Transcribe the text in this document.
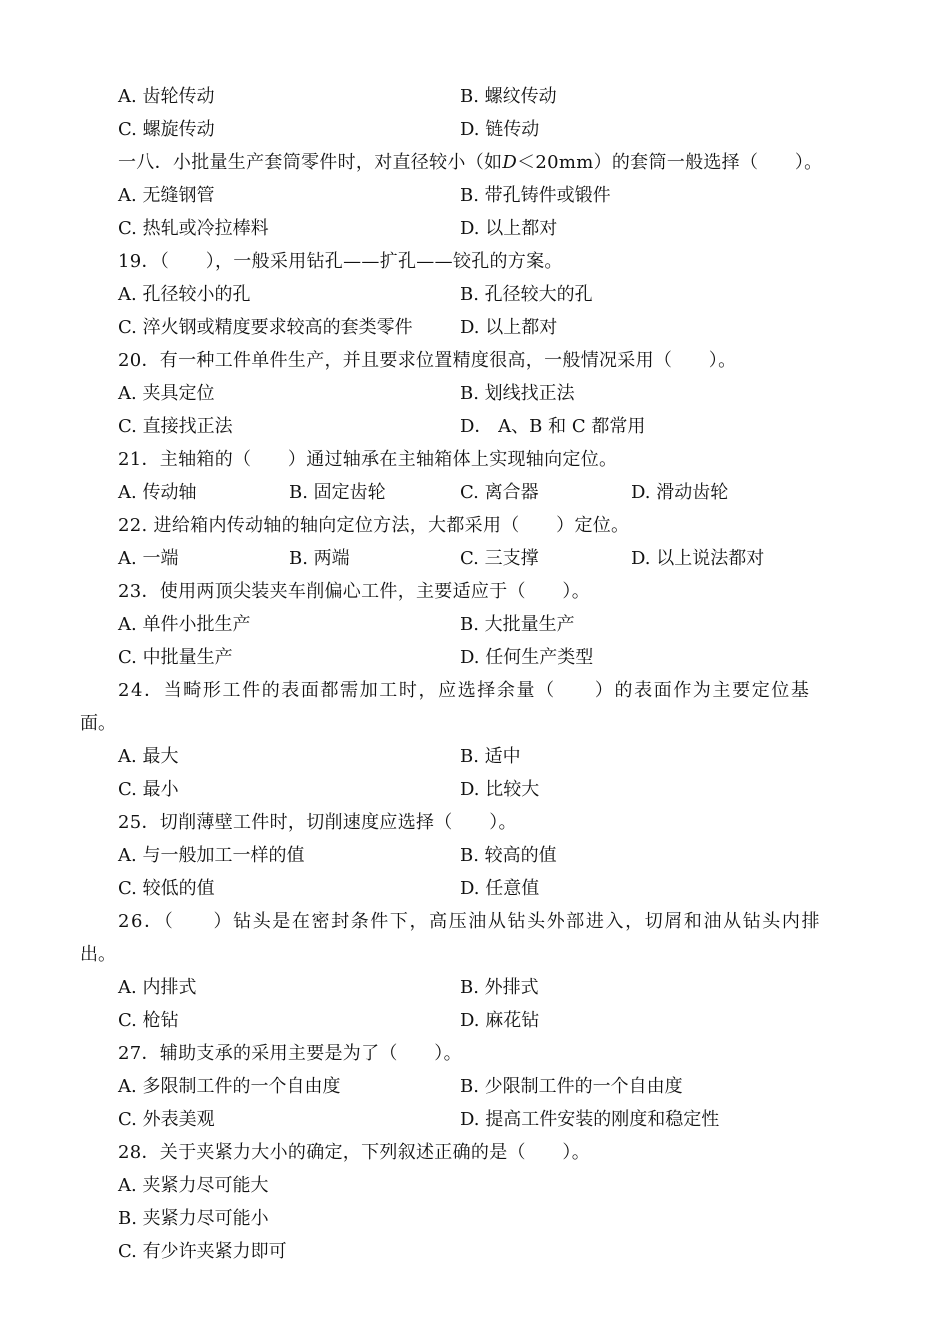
A. 齿轮传动	B. 螺纹传动
C. 螺旋传动	D. 链传动
一八．小批量生产套筒零件时，对直径较小（如D＜20mm）的套筒一般选择（　　）。
A. 无缝钢管	B. 带孔铸件或锻件
C. 热轧或冷拉棒料	D. 以上都对
19．（　　），一般采用钻孔——扩孔——铰孔的方案。
A. 孔径较小的孔	B. 孔径较大的孔
C. 淬火钢或精度要求较高的套类零件	D. 以上都对
20．有一种工件单件生产，并且要求位置精度很高，一般情况采用（　　）。
A. 夹具定位	B. 划线找正法
C. 直接找正法	D． A、B 和 C 都常用
21．主轴箱的（　　）通过轴承在主轴箱体上实现轴向定位。
A. 传动轴	B. 固定齿轮	C. 离合器	D. 滑动齿轮
22. 进给箱内传动轴的轴向定位方法，大都采用（　　）定位。
A. 一端	B. 两端	C. 三支撑	D. 以上说法都对
23．使用两顶尖装夹车削偏心工件，主要适应于（　　）。
A. 单件小批生产	B. 大批量生产
C. 中批量生产	D. 任何生产类型
24．当畸形工件的表面都需加工时，应选择余量（　　）的表面作为主要定位基
面。
A. 最大	B. 适中
C. 最小	D. 比较大
25．切削薄壁工件时，切削速度应选择（　　）。
A. 与一般加工一样的值	B. 较高的值
C. 较低的值	D. 任意值
26．（　　）钻头是在密封条件下，高压油从钻头外部进入，切屑和油从钻头内排
出。
A. 内排式	B. 外排式
C. 枪钻	D. 麻花钻
27．辅助支承的采用主要是为了（　　）。
A. 多限制工件的一个自由度	B. 少限制工件的一个自由度
C. 外表美观	D. 提高工件安装的刚度和稳定性
28．关于夹紧力大小的确定，下列叙述正确的是（　　）。
A. 夹紧力尽可能大
B. 夹紧力尽可能小
C. 有少许夹紧力即可
